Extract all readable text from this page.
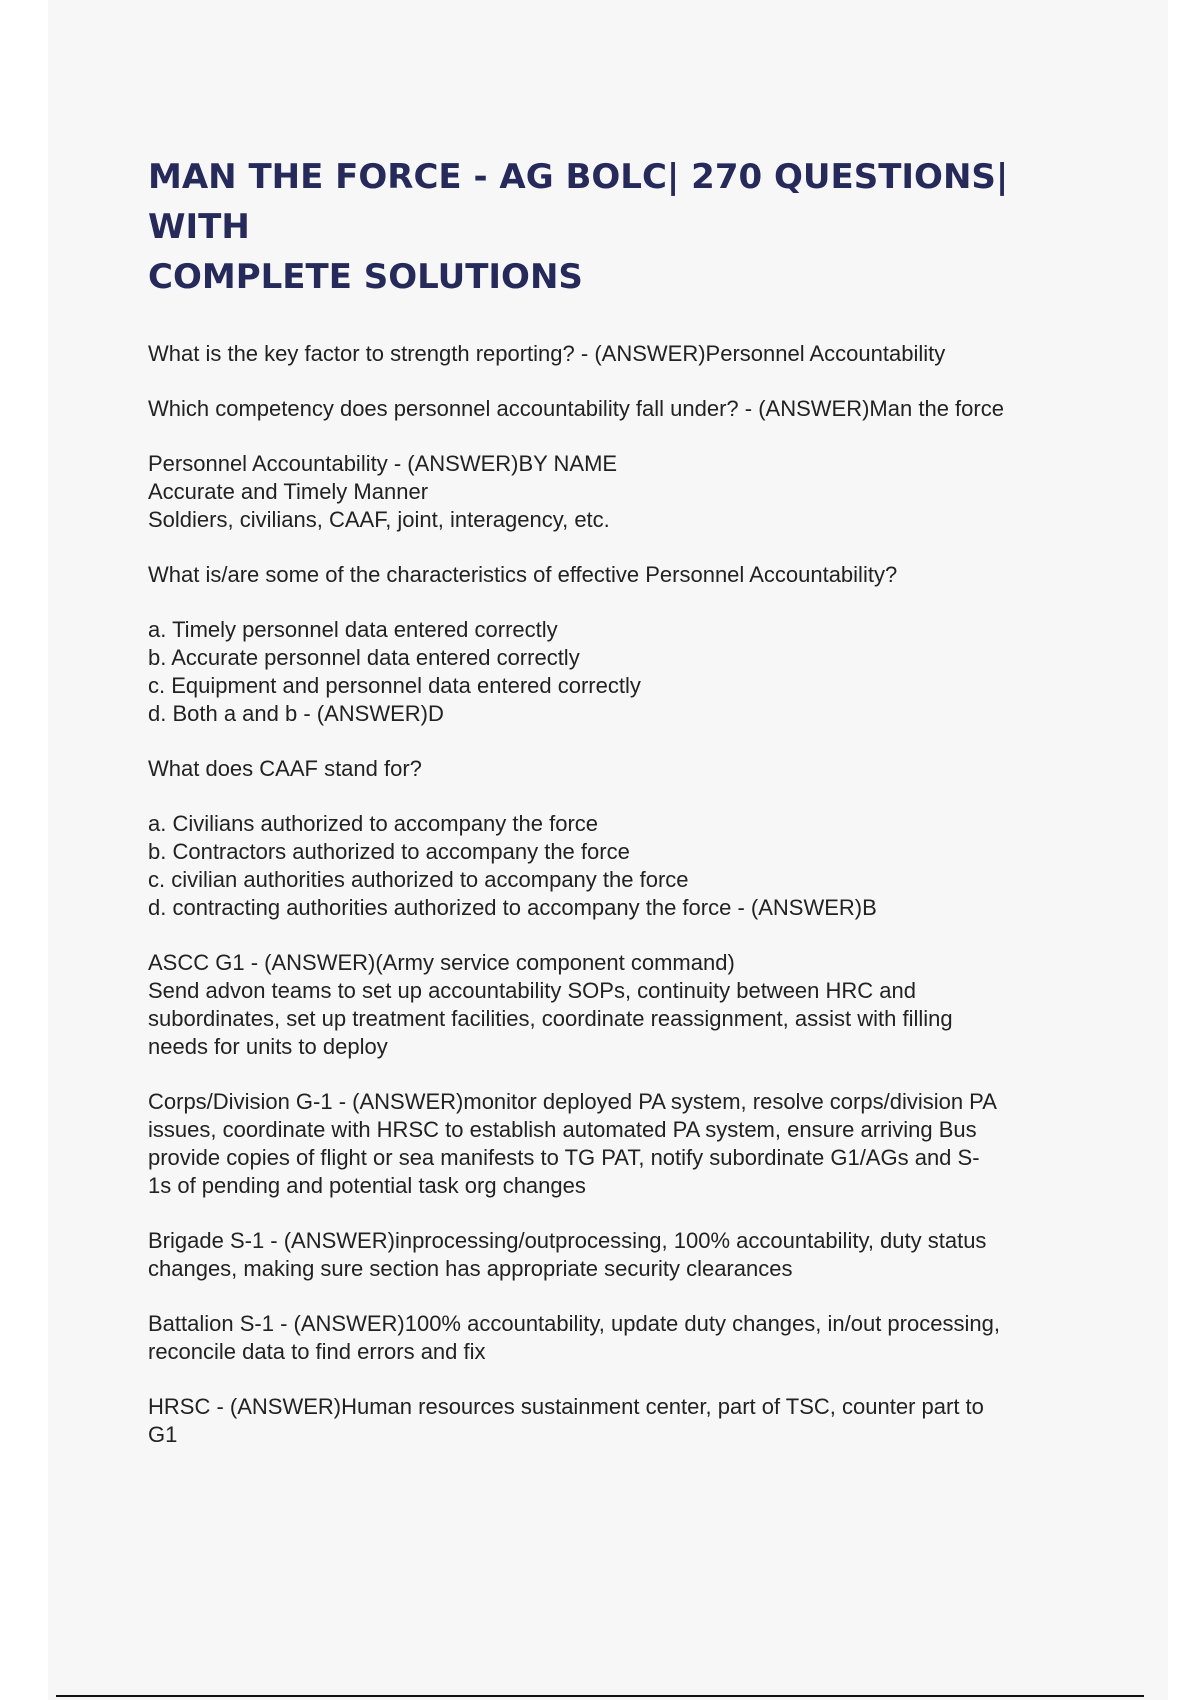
MAN THE FORCE - AG BOLC| 270 QUESTIONS| WITH
COMPLETE SOLUTIONS
What is the key factor to strength reporting? - (ANSWER)Personnel Accountability
Which competency does personnel accountability fall under? - (ANSWER)Man the force
Personnel Accountability - (ANSWER)BY NAME
Accurate and Timely Manner
Soldiers, civilians, CAAF, joint, interagency, etc.
What is/are some of the characteristics of effective Personnel Accountability?
a. Timely personnel data entered correctly
b. Accurate personnel data entered correctly
c. Equipment and personnel data entered correctly
d. Both a and b - (ANSWER)D
What does CAAF stand for?
a. Civilians authorized to accompany the force
b. Contractors authorized to accompany the force
c. civilian authorities authorized to accompany the force
d. contracting authorities authorized to accompany the force - (ANSWER)B
ASCC G1 - (ANSWER)(Army service component command)
Send advon teams to set up accountability SOPs, continuity between HRC and
subordinates, set up treatment facilities, coordinate reassignment, assist with filling
needs for units to deploy
Corps/Division G-1 - (ANSWER)monitor deployed PA system, resolve corps/division PA
issues, coordinate with HRSC to establish automated PA system, ensure arriving Bus
provide copies of flight or sea manifests to TG PAT, notify subordinate G1/AGs and S-
1s of pending and potential task org changes
Brigade S-1 - (ANSWER)inprocessing/outprocessing, 100% accountability, duty status
changes, making sure section has appropriate security clearances
Battalion S-1 - (ANSWER)100% accountability, update duty changes, in/out processing,
reconcile data to find errors and fix
HRSC - (ANSWER)Human resources sustainment center, part of TSC, counter part to
G1
